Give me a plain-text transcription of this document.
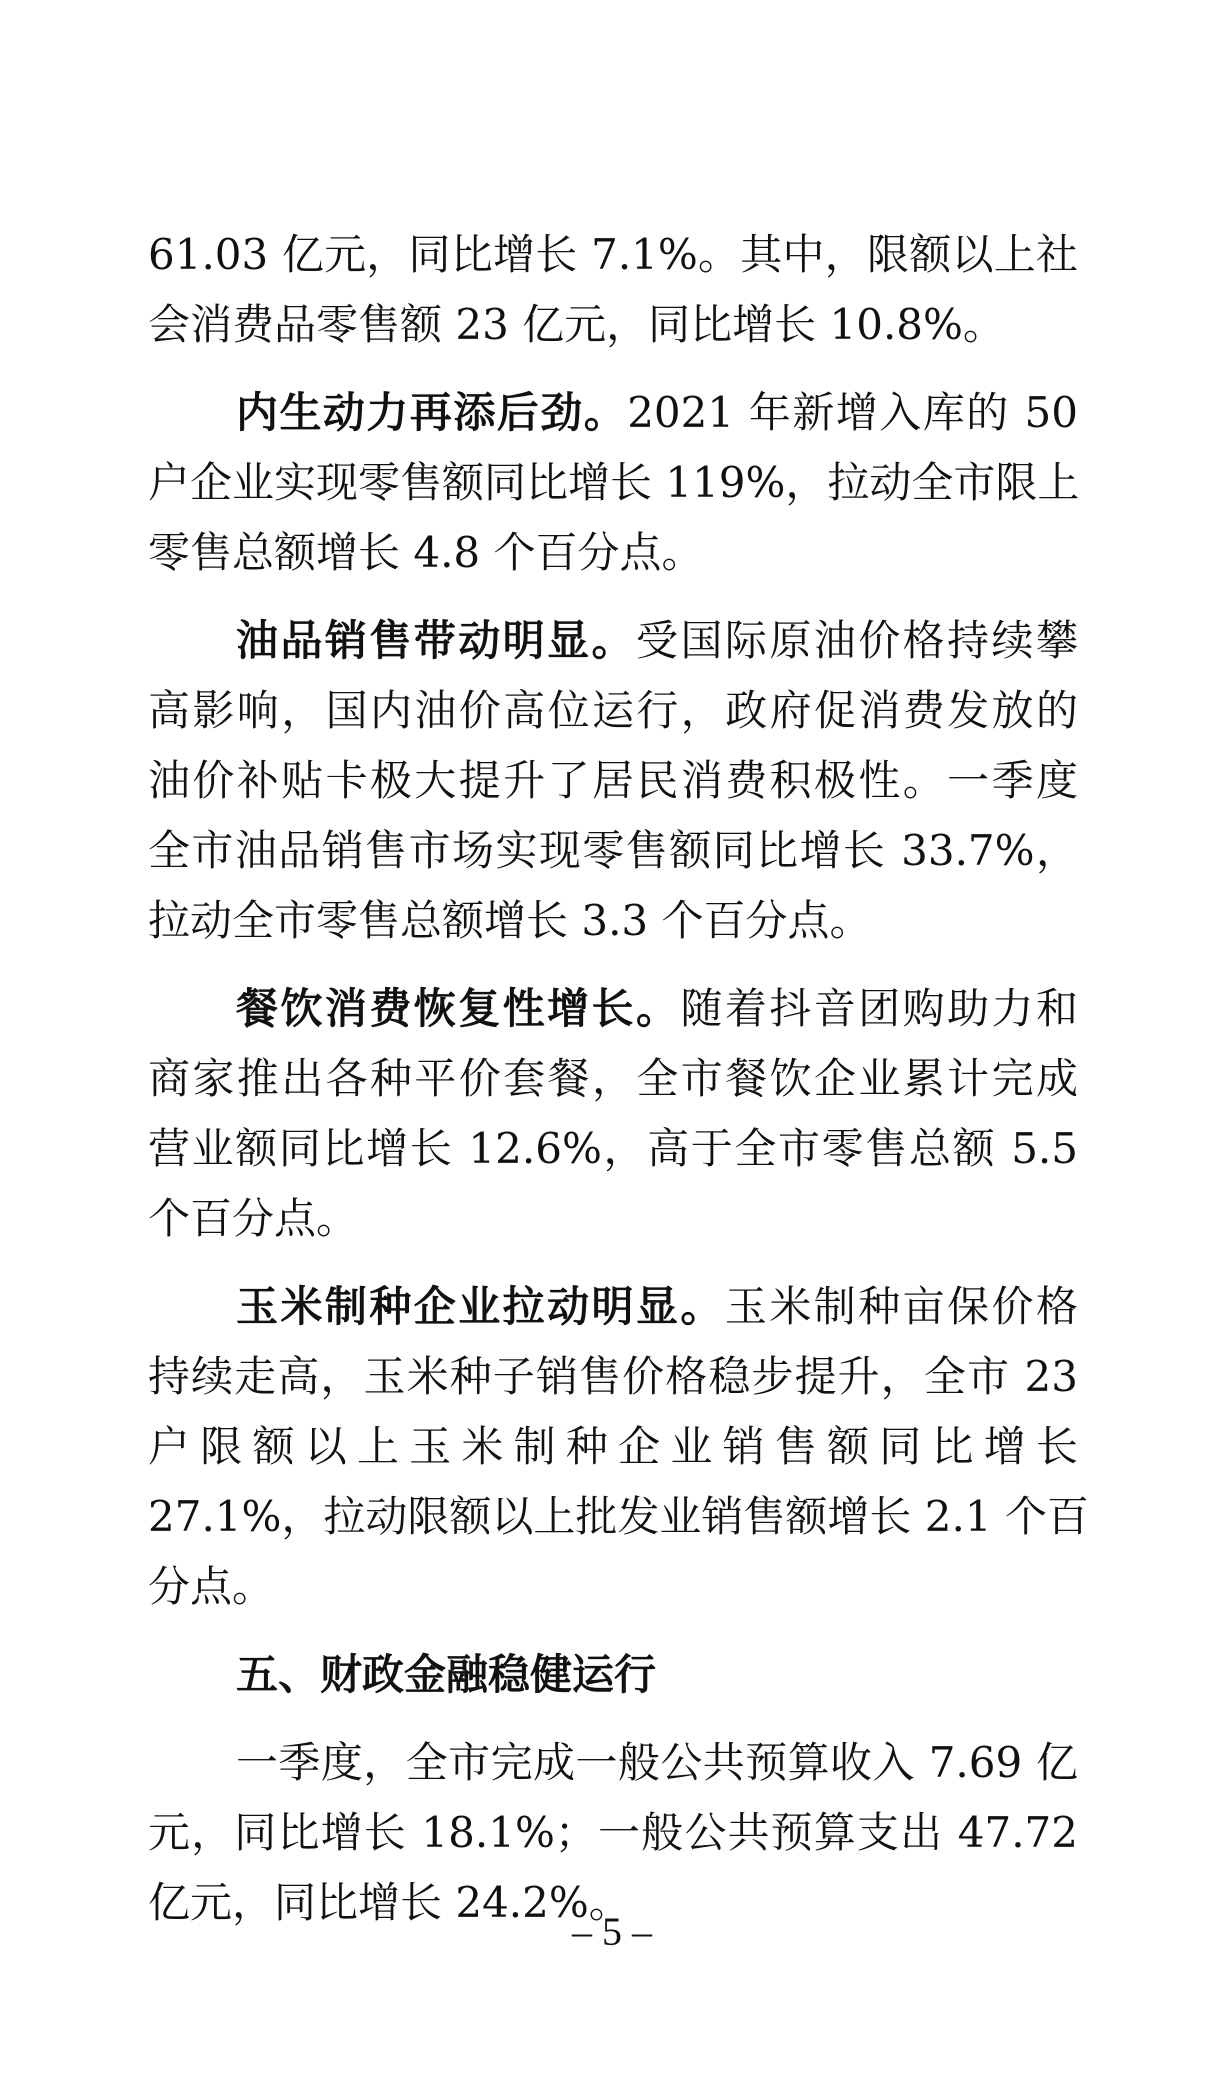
61.03 亿元，同比增长 7.1%。其中，限额以上社
会消费品零售额 23 亿元，同比增长 10.8%。
内生动力再添后劲。2021 年新增入库的 50
户企业实现零售额同比增长 119%，拉动全市限上
零售总额增长 4.8 个百分点。
油品销售带动明显。受国际原油价格持续攀
高影响，国内油价高位运行，政府促消费发放的
油价补贴卡极大提升了居民消费积极性。一季度
全市油品销售市场实现零售额同比增长 33.7%，
拉动全市零售总额增长 3.3 个百分点。
餐饮消费恢复性增长。随着抖音团购助力和
商家推出各种平价套餐，全市餐饮企业累计完成
营业额同比增长 12.6%，高于全市零售总额 5.5
个百分点。
玉米制种企业拉动明显。玉米制种亩保价格
持续走高，玉米种子销售价格稳步提升，全市 23
户限额以上玉米制种企业销售额同比增长
27.1%，拉动限额以上批发业销售额增长 2.1 个百
分点。
五、财政金融稳健运行
一季度，全市完成一般公共预算收入 7.69 亿
元，同比增长 18.1%；一般公共预算支出 47.72
亿元，同比增长 24.2%。
– 5 –
